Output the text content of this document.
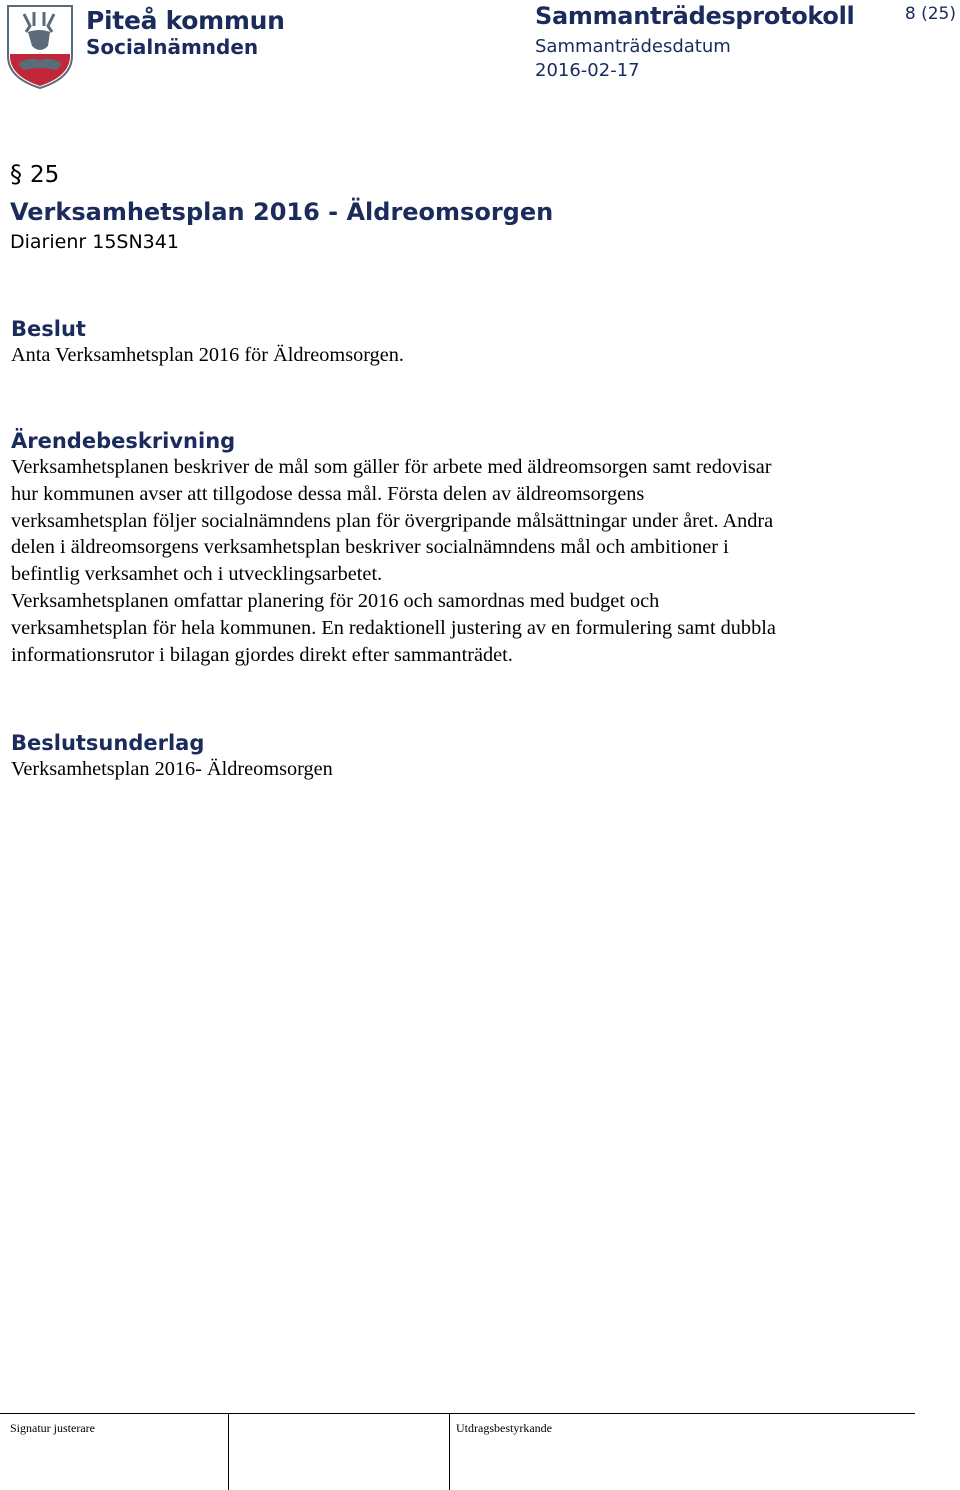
Piteå kommun
Socialnämnden
Sammanträdesprotokoll
Sammanträdesdatum
2016-02-17
8 (25)
§ 25
Verksamhetsplan 2016 - Äldreomsorgen
Diarienr 15SN341
Beslut
Anta Verksamhetsplan 2016 för Äldreomsorgen.
Ärendebeskrivning
Verksamhetsplanen beskriver de mål som gäller för arbete med äldreomsorgen samt redovisar
hur kommunen avser att tillgodose dessa mål. Första delen av äldreomsorgens
verksamhetsplan följer socialnämndens plan för övergripande målsättningar under året. Andra
delen i äldreomsorgens verksamhetsplan beskriver socialnämndens mål och ambitioner i
befintlig verksamhet och i utvecklingsarbetet.
Verksamhetsplanen omfattar planering för 2016 och samordnas med budget och
verksamhetsplan för hela kommunen. En redaktionell justering av en formulering samt dubbla
informationsrutor i bilagan gjordes direkt efter sammanträdet.
Beslutsunderlag
Verksamhetsplan 2016- Äldreomsorgen
Signatur justerare	Utdragsbestyrkande
